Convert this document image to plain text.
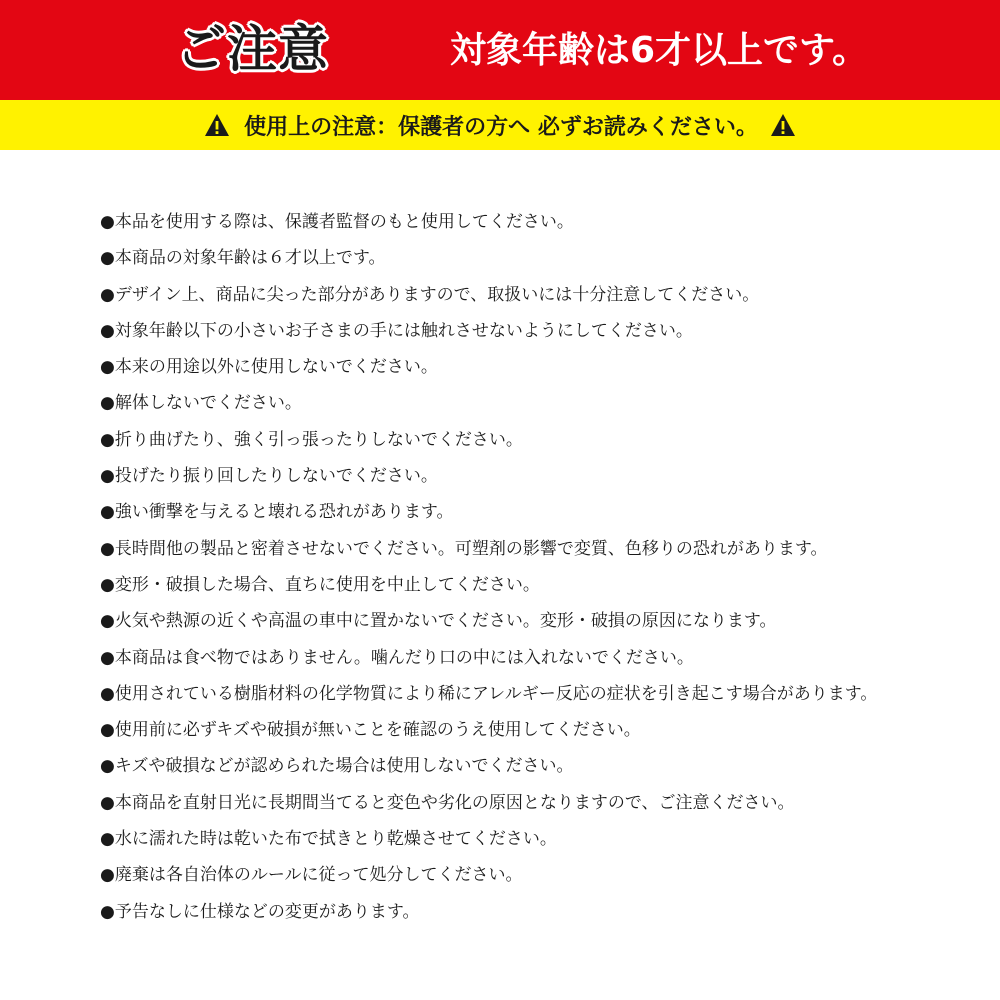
ご注意	対象年齢は6才以上です。
使用上の注意：保護者の方へ 必ずお読みください。
●本品を使用する際は、保護者監督のもと使用してください。
●本商品の対象年齢は６才以上です。
●デザイン上、商品に尖った部分がありますので、取扱いには十分注意してください。
●対象年齢以下の小さいお子さまの手には触れさせないようにしてください。
●本来の用途以外に使用しないでください。
●解体しないでください。
●折り曲げたり、強く引っ張ったりしないでください。
●投げたり振り回したりしないでください。
●強い衝撃を与えると壊れる恐れがあります。
●長時間他の製品と密着させないでください。可塑剤の影響で変質、色移りの恐れがあります。
●変形・破損した場合、直ちに使用を中止してください。
●火気や熱源の近くや高温の車中に置かないでください。変形・破損の原因になります。
●本商品は食べ物ではありません。噛んだり口の中には入れないでください。
●使用されている樹脂材料の化学物質により稀にアレルギー反応の症状を引き起こす場合があります。
●使用前に必ずキズや破損が無いことを確認のうえ使用してください。
●キズや破損などが認められた場合は使用しないでください。
●本商品を直射日光に長期間当てると変色や劣化の原因となりますので、ご注意ください。
●水に濡れた時は乾いた布で拭きとり乾燥させてください。
●廃棄は各自治体のルールに従って処分してください。
●予告なしに仕様などの変更があります。
